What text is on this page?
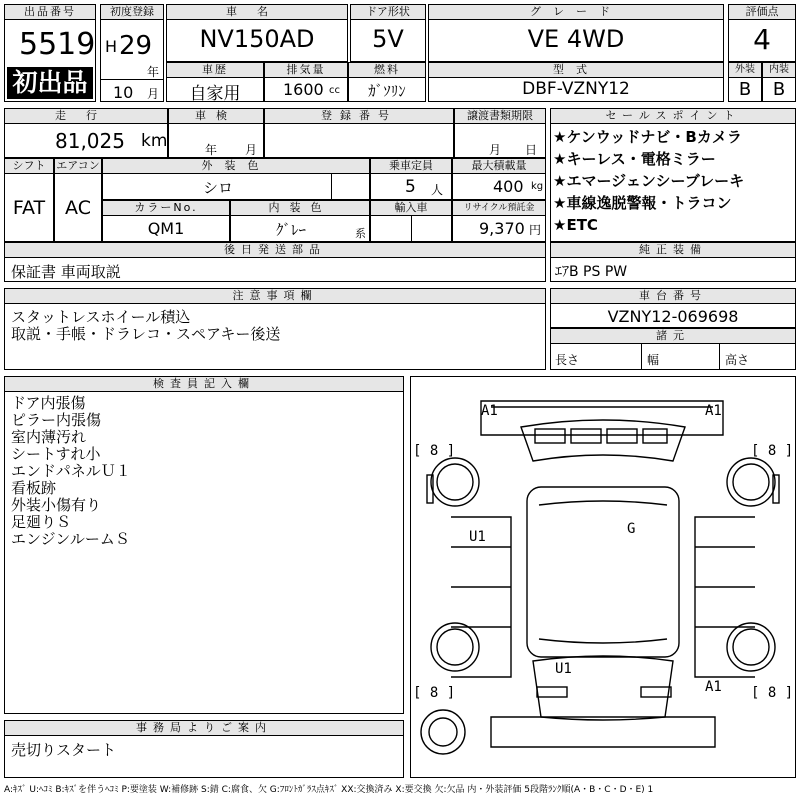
出品番号
5519
初出品
初度登録
H 29
年
10 月
車名
NV150AD
ドア形状
5V
グレード
VE 4WD
評価点
4
車歴
自家用
排気量
1600 cc
燃料
ｶﾞｿﾘﾝ
型式
DBF-VZNY12
外装
B
内装
B
走行
81,025 km
車検
年 月
登録番号	譲渡書類期限
月 日
シフト
FAT
エアコン
AC
外装色
シロ
乗車定員
5 人
最大積載量
400 kg
カラーNo.
QM1
内装色
ｸﾞﾚｰ	系
輸入車	リサイクル預託金
9,370 円
後日発送部品
保証書 車両取説
セールスポイント
★ケンウッドナビ・Bカメラ
★キーレス・電格ミラー
★エマージェンシーブレーキ
★車線逸脱警報・トラコン
★ETC
純正装備
ｴｱB PS PW
注意事項欄
スタットレスホイール積込
取説・手帳・ドラレコ・スペアキー後送
車台番号
VZNY12-069698
諸元
長さ	幅	高さ
検査員記入欄
ドア内張傷
ピラー内張傷
室内薄汚れ
シートすれ小
エンドパネルＵ１
看板跡
外装小傷有り
足廻りＳ
エンジンルームＳ
事務局よりご案内
売切りスタート
A1	A1
U1	G
U1
A1
[ 8 ]	[ 8 ]
[ 8 ]	[ 8 ]
A:ｷｽﾞ U:ﾍｺﾐ B:ｷｽﾞを伴うﾍｺﾐ P:要塗装 W:補修跡 S:錆 C:腐食、欠 G:ﾌﾛﾝﾄｶﾞﾗｽ点ｷｽﾞ XX:交換済み X:要交換 欠:欠品 内・外装評価 5段階ﾗﾝｸ順(A・B・C・D・E) 1
